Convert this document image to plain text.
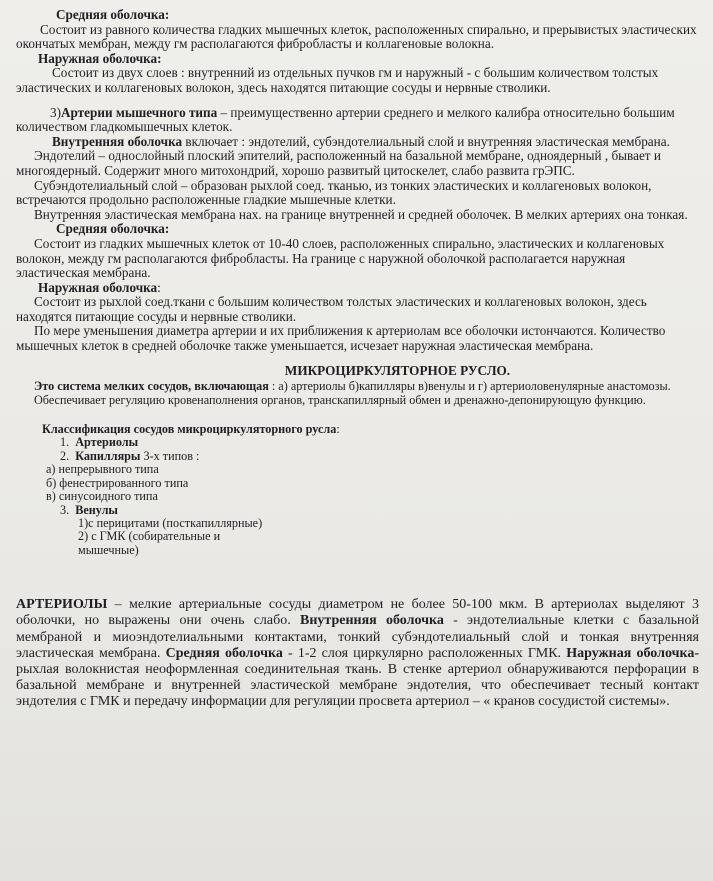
Средняя оболочка:

Состоит из равного количества гладких мышечных клеток, расположенных спирально, и прерывистых эластических окончатых мембран, между гм располагаются фибробласты и коллагеновые волокна.

Наружная оболочка:

Состоит из двух слоев : внутренний из отдельных пучков гм и наружный - с большим количеством толстых эластических и коллагеновых волокон, здесь находятся питающие сосуды и нервные стволики.

3)Артерии мышечного типа – преимущественно артерии среднего и мелкого калибра относительно большим количеством гладкомышечных клеток.
Внутренняя оболочка включает : эндотелий, субэндотелиальный слой и внутренняя эластическая мембрана.

Эндотелий – однослойный плоский эпителий, расположенный на базальной мембране, одноядерный , бывает и многоядерный. Содержит много митохондрий, хорошо развитый цитоскелет, слабо развита грЭПС.

Субэндотелиальный слой – образован рыхлой соед. тканью, из тонких эластических и коллагеновых волокон, встречаются продольно расположенные гладкие мышечные клетки.

Внутренняя эластическая мембрана нах. на границе внутренней и средней оболочек. В мелких артериях она тонкая.

Средняя оболочка:

Состоит из гладких мышечных клеток от 10-40 слоев, расположенных спирально, эластических и коллагеновых волокон, между гм располагаются фибробласты. На границе с наружной оболочкой располагается наружная эластическая мембрана.

Наружная оболочка:

Состоит из рыхлой соед.ткани с большим количеством толстых эластических и коллагеновых волокон, здесь находятся питающие сосуды и нервные стволики.

По мере уменьшения диаметра артерии и их приближения к артериолам все оболочки истончаются. Количество мышечных клеток в средней оболочке также уменьшается, исчезает наружная эластическая мембрана.

МИКРОЦИРКУЛЯТОРНОЕ РУСЛО.

Это система мелких сосудов, включающая : а) артериолы б)капилляры в)венулы и г) артериоловенулярные анастомозы. Обеспечивает регуляцию кровенаполнения органов, транскапиллярный обмен и дренажно-депонирующую функцию.
Классификация сосудов микроциркуляторного русла:
1. Артериолы
2. Капилляры 3-х типов :
а) непрерывного типа
б) фенестрированного типа
в) синусоидного типа
3. Венулы
1)с перицитами (посткапиллярные)
2) с ГМК (собирательные и мышечные)
АРТЕРИОЛЫ – мелкие артериальные сосуды диаметром не более 50-100 мкм. В артериолах выделяют 3 оболочки, но выражены они очень слабо. Внутренняя оболочка - эндотелиальные клетки с базальной мембраной и миоэндотелиальными контактами, тонкий субэндотелиальный слой и тонкая внутренняя эластическая мембрана. Средняя оболочка - 1-2 слоя циркулярно расположенных ГМК. Наружная оболочка- рыхлая волокнистая неоформленная соединительная ткань. В стенке артериол обнаруживаются перфорации в базальной мембране и внутренней эластической мембране эндотелия, что обеспечивает тесный контакт эндотелия с ГМК и передачу информации для регуляции просвета артериол – « кранов сосудистой системы».
